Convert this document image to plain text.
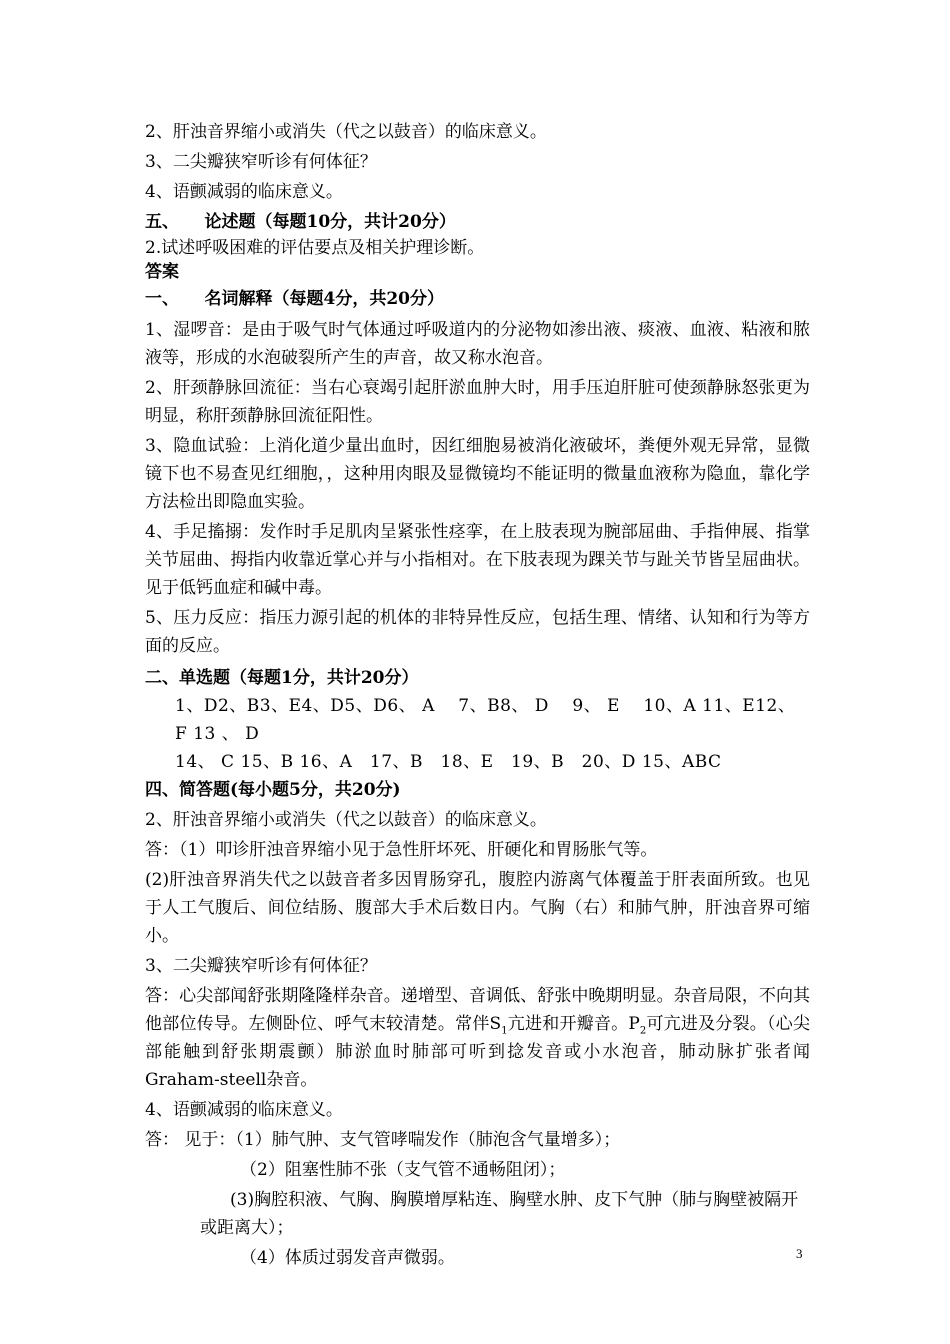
2、肝浊音界缩小或消失（代之以鼓音）的临床意义。

3、二尖瓣狭窄听诊有何体征？

4、语颤减弱的临床意义。

五、　　论述题（每题10分，共计20分）

2.试述呼吸困难的评估要点及相关护理诊断。

答案

一、　　名词解释（每题4分，共20分）

1、湿啰音：是由于吸气时气体通过呼吸道内的分泌物如渗出液、痰液、血液、粘液和脓液等，形成的水泡破裂所产生的声音，故又称水泡音。

2、肝颈静脉回流征：当右心衰竭引起肝淤血肿大时，用手压迫肝脏可使颈静脉怒张更为明显，称肝颈静脉回流征阳性。

3、隐血试验：上消化道少量出血时，因红细胞易被消化液破坏，粪便外观无异常，显微镜下也不易查见红细胞，，这种用肉眼及显微镜均不能证明的微量血液称为隐血，靠化学方法检出即隐血实验。

4、手足搐搦：发作时手足肌肉呈紧张性痉挛，在上肢表现为腕部屈曲、手指伸展、指掌关节屈曲、拇指内收靠近掌心并与小指相对。在下肢表现为踝关节与趾关节皆呈屈曲状。见于低钙血症和碱中毒。

5、压力反应：指压力源引起的机体的非特异性反应，包括生理、情绪、认知和行为等方面的反应。

二、单选题（每题1分，共计20分）

1、D2、B3、E4、D5、D6、 A　 7、B8、 D　 9、 E　 10、A 11、E12、 F 13 、 D

14、 C 15、B 16、A　17、B　18、E　19、B　20、D 15、ABC

四、简答题(每小题5分，共20分)

2、肝浊音界缩小或消失（代之以鼓音）的临床意义。

答：（1）叩诊肝浊音界缩小见于急性肝坏死、肝硬化和胃肠胀气等。

(2)肝浊音界消失代之以鼓音者多因胃肠穿孔，腹腔内游离气体覆盖于肝表面所致。也见于人工气腹后、间位结肠、腹部大手术后数日内。气胸（右）和肺气肿，肝浊音界可缩小。

3、二尖瓣狭窄听诊有何体征？

答：心尖部闻舒张期隆隆样杂音。递增型、音调低、舒张中晚期明显。杂音局限，不向其他部位传导。左侧卧位、呼气末较清楚。常伴$S_1$亢进和开瓣音。$P_2$可亢进及分裂。（心尖部能触到舒张期震颤）肺淤血时肺部可听到捻发音或小水泡音，肺动脉扩张者闻Graham-steell杂音。

4、语颤减弱的临床意义。

答： 见于：（1）肺气肿、支气管哮喘发作（肺泡含气量增多）；

（2）阻塞性肺不张（支气管不通畅阻闭）；

(3)胸腔积液、气胸、胸膜增厚粘连、胸壁水肿、皮下气肿（肺与胸壁被隔开或距离大）；

（4）体质过弱发音声微弱。	3
